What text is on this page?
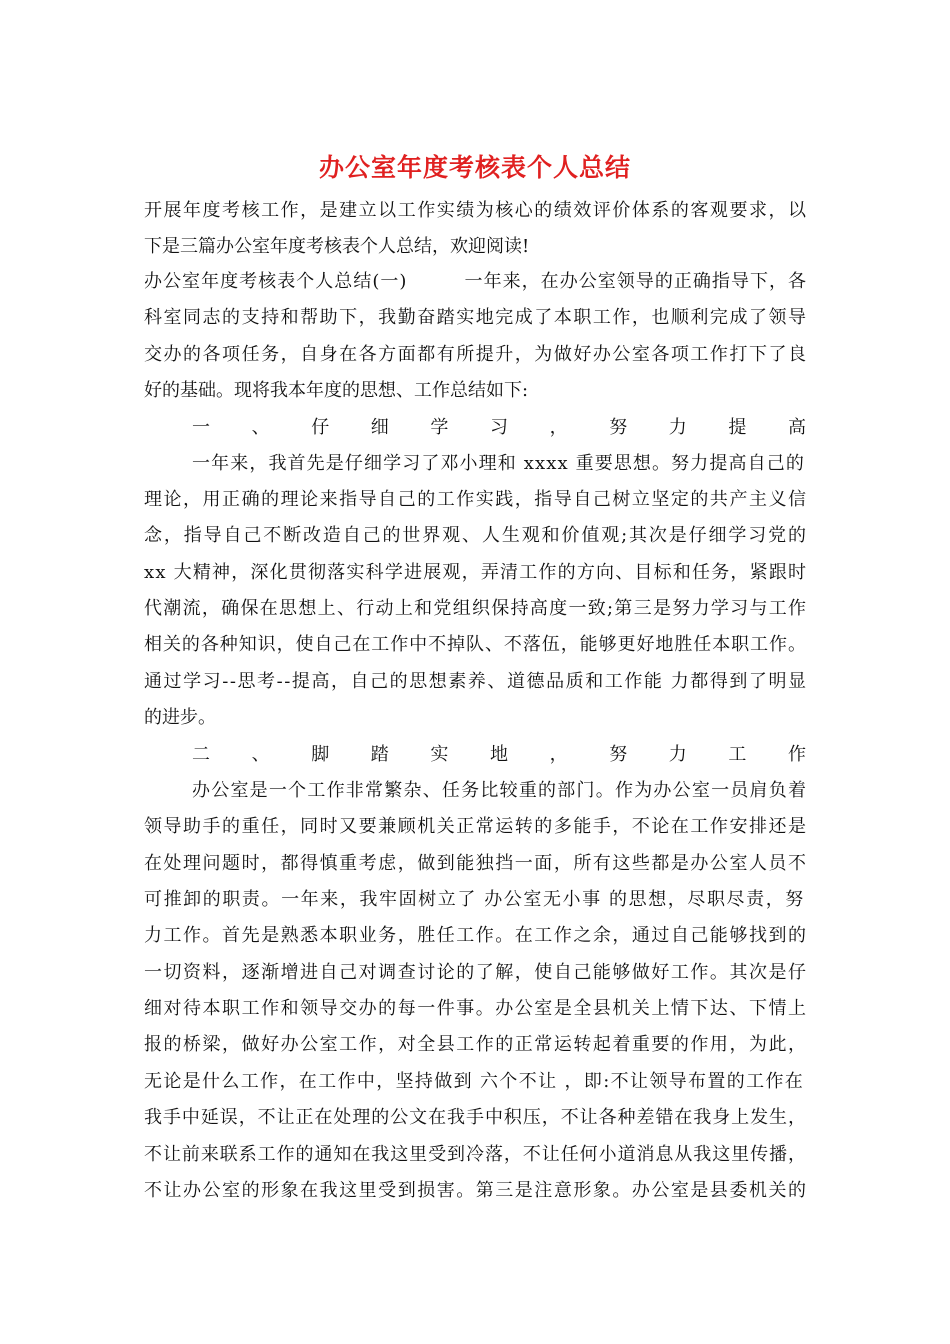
办公室年度考核表个人总结
开展年度考核工作，是建立以工作实绩为核心的绩效评价体系的客观要求，以
下是三篇办公室年度考核表个人总结，欢迎阅读!
办公室年度考核表个人总结(一)　　　一年来，在办公室领导的正确指导下，各
科室同志的支持和帮助下，我勤奋踏实地完成了本职工作，也顺利完成了领导
交办的各项任务，自身在各方面都有所提升，为做好办公室各项工作打下了良
好的基础。现将我本年度的思想、工作总结如下:
一、仔细学习，努力提高
一年来，我首先是仔细学习了邓小理和 xxxx 重要思想。努力提高自己的
理论，用正确的理论来指导自己的工作实践，指导自己树立坚定的共产主义信
念，指导自己不断改造自己的世界观、人生观和价值观;其次是仔细学习党的
xx 大精神，深化贯彻落实科学进展观，弄清工作的方向、目标和任务，紧跟时
代潮流，确保在思想上、行动上和党组织保持高度一致;第三是努力学习与工作
相关的各种知识，使自己在工作中不掉队、不落伍，能够更好地胜任本职工作。
通过学习--思考--提高，自己的思想素养、道德品质和工作能 力都得到了明显
的进步。
二、脚踏实地，努力工作
办公室是一个工作非常繁杂、任务比较重的部门。作为办公室一员肩负着
领导助手的重任，同时又要兼顾机关正常运转的多能手，不论在工作安排还是
在处理问题时，都得慎重考虑，做到能独挡一面，所有这些都是办公室人员不
可推卸的职责。一年来，我牢固树立了 办公室无小事 的思想，尽职尽责，努
力工作。首先是熟悉本职业务，胜任工作。在工作之余，通过自己能够找到的
一切资料，逐渐增进自己对调查讨论的了解，使自己能够做好工作。其次是仔
细对待本职工作和领导交办的每一件事。办公室是全县机关上情下达、下情上
报的桥梁，做好办公室工作，对全县工作的正常运转起着重要的作用，为此，
无论是什么工作，在工作中，坚持做到 六个不让 ，即:不让领导布置的工作在
我手中延误，不让正在处理的公文在我手中积压，不让各种差错在我身上发生，
不让前来联系工作的通知在我这里受到冷落，不让任何小道消息从我这里传播，
不让办公室的形象在我这里受到损害。第三是注意形象。办公室是县委机关的
